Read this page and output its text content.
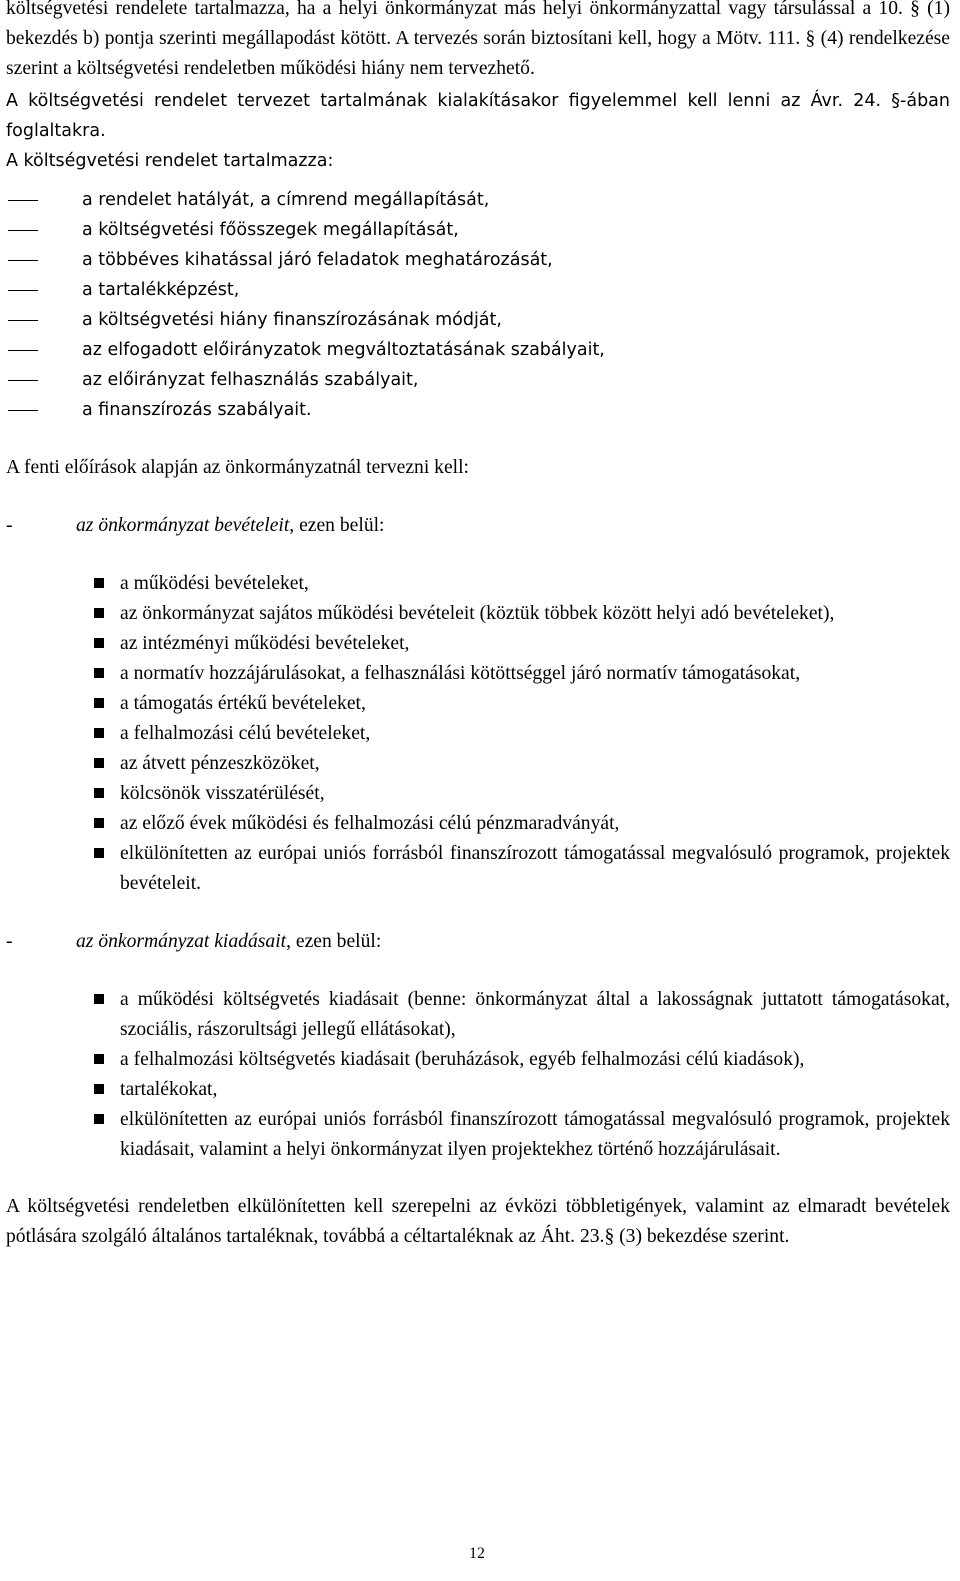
költségvetési rendelete tartalmazza, ha a helyi önkormányzat más helyi önkormányzattal vagy társulással a 10. § (1) bekezdés b) pontja szerinti megállapodást kötött. A tervezés során biztosítani kell, hogy a Mötv. 111. § (4) rendelkezése szerint a költségvetési rendeletben működési hiány nem tervezhető.

A költségvetési rendelet tervezet tartalmának kialakításakor figyelemmel kell lenni az Ávr. 24. §-ában foglaltakra.

A költségvetési rendelet tartalmazza:

a rendelet hatályát, a címrend megállapítását,
a költségvetési főösszegek megállapítását,
a többéves kihatással járó feladatok meghatározását,
a tartalékképzést,
a költségvetési hiány finanszírozásának módját,
az elfogadott előirányzatok megváltoztatásának szabályait,
az előirányzat felhasználás szabályait,
a finanszírozás szabályait.

A fenti előírások alapján az önkormányzatnál tervezni kell:

-	az önkormányzat bevételeit, ezen belül:

a működési bevételeket,
az önkormányzat sajátos működési bevételeit (köztük többek között helyi adó bevételeket),
az intézményi működési bevételeket,
a normatív hozzájárulásokat, a felhasználási kötöttséggel járó normatív támogatásokat,
a támogatás értékű bevételeket,
a felhalmozási célú bevételeket,
az átvett pénzeszközöket,
kölcsönök visszatérülését,
az előző évek működési és felhalmozási célú pénzmaradványát,
elkülönítetten az európai uniós forrásból finanszírozott támogatással megvalósuló programok, projektek bevételeit.

-	az önkormányzat kiadásait, ezen belül:

a működési költségvetés kiadásait (benne: önkormányzat által a lakosságnak juttatott támogatásokat, szociális, rászorultsági jellegű ellátásokat),
a felhalmozási költségvetés kiadásait (beruházások, egyéb felhalmozási célú kiadások),
tartalékokat,
elkülönítetten az európai uniós forrásból finanszírozott támogatással megvalósuló programok, projektek kiadásait, valamint a helyi önkormányzat ilyen projektekhez történő hozzájárulásait.

A költségvetési rendeletben elkülönítetten kell szerepelni az évközi többletigények, valamint az elmaradt bevételek pótlására szolgáló általános tartaléknak, továbbá a céltartaléknak az Áht. 23.§ (3) bekezdése szerint.

12
